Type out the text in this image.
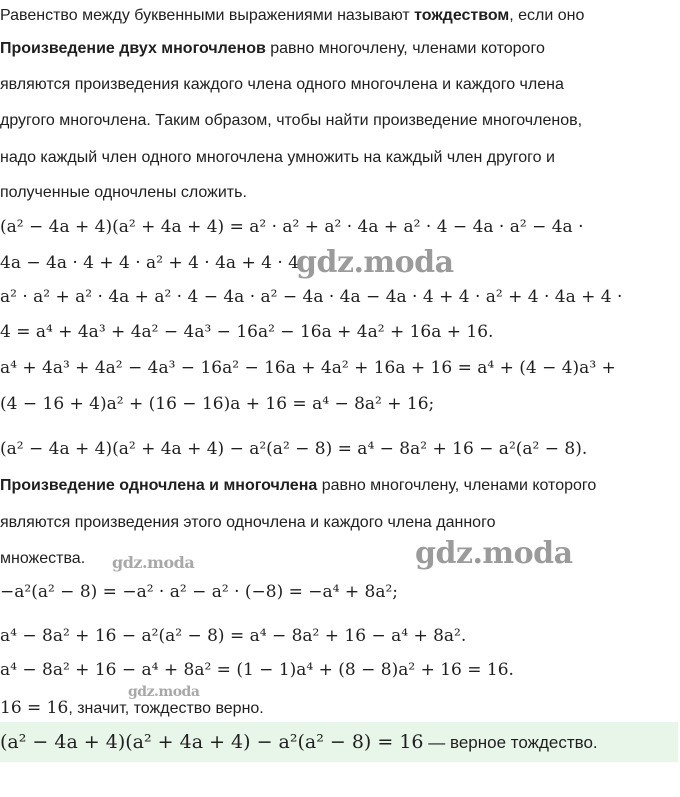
Равенство между буквенными выражениями называют тождеством, если оно
Произведение двух многочленов равно многочлену, членами которого
являются произведения каждого члена одного многочлена и каждого члена
другого многочлена. Таким образом, чтобы найти произведение многочленов,
надо каждый член одного многочлена умножить на каждый член другого и
полученные одночлены сложить.
(a² − 4a + 4)(a² + 4a + 4) = a² · a² + a² · 4a + a² · 4 − 4a · a² − 4a ·
4a − 4a · 4 + 4 · a² + 4 · 4a + 4 · 4
a² · a² + a² · 4a + a² · 4 − 4a · a² − 4a · 4a − 4a · 4 + 4 · a² + 4 · 4a + 4 ·
4 = a⁴ + 4a³ + 4a² − 4a³ − 16a² − 16a + 4a² + 16a + 16.
a⁴ + 4a³ + 4a² − 4a³ − 16a² − 16a + 4a² + 16a + 16 = a⁴ + (4 − 4)a³ +
(4 − 16 + 4)a² + (16 − 16)a + 16 = a⁴ − 8a² + 16;
(a² − 4a + 4)(a² + 4a + 4) − a²(a² − 8) = a⁴ − 8a² + 16 − a²(a² − 8).
Произведение одночлена и многочлена равно многочлену, членами которого
являются произведения этого одночлена и каждого члена данного
множества.
−a²(a² − 8) = −a² · a² − a² · (−8) = −a⁴ + 8a²;
a⁴ − 8a² + 16 − a²(a² − 8) = a⁴ − 8a² + 16 − a⁴ + 8a².
a⁴ − 8a² + 16 − a⁴ + 8a² = (1 − 1)a⁴ + (8 − 8)a² + 16 = 16.
16 = 16, значит, тождество верно.
(a² − 4a + 4)(a² + 4a + 4) − a²(a² − 8) = 16 — верное тождество.
gdz.moda
gdz.moda
gdz.moda
gdz.moda
